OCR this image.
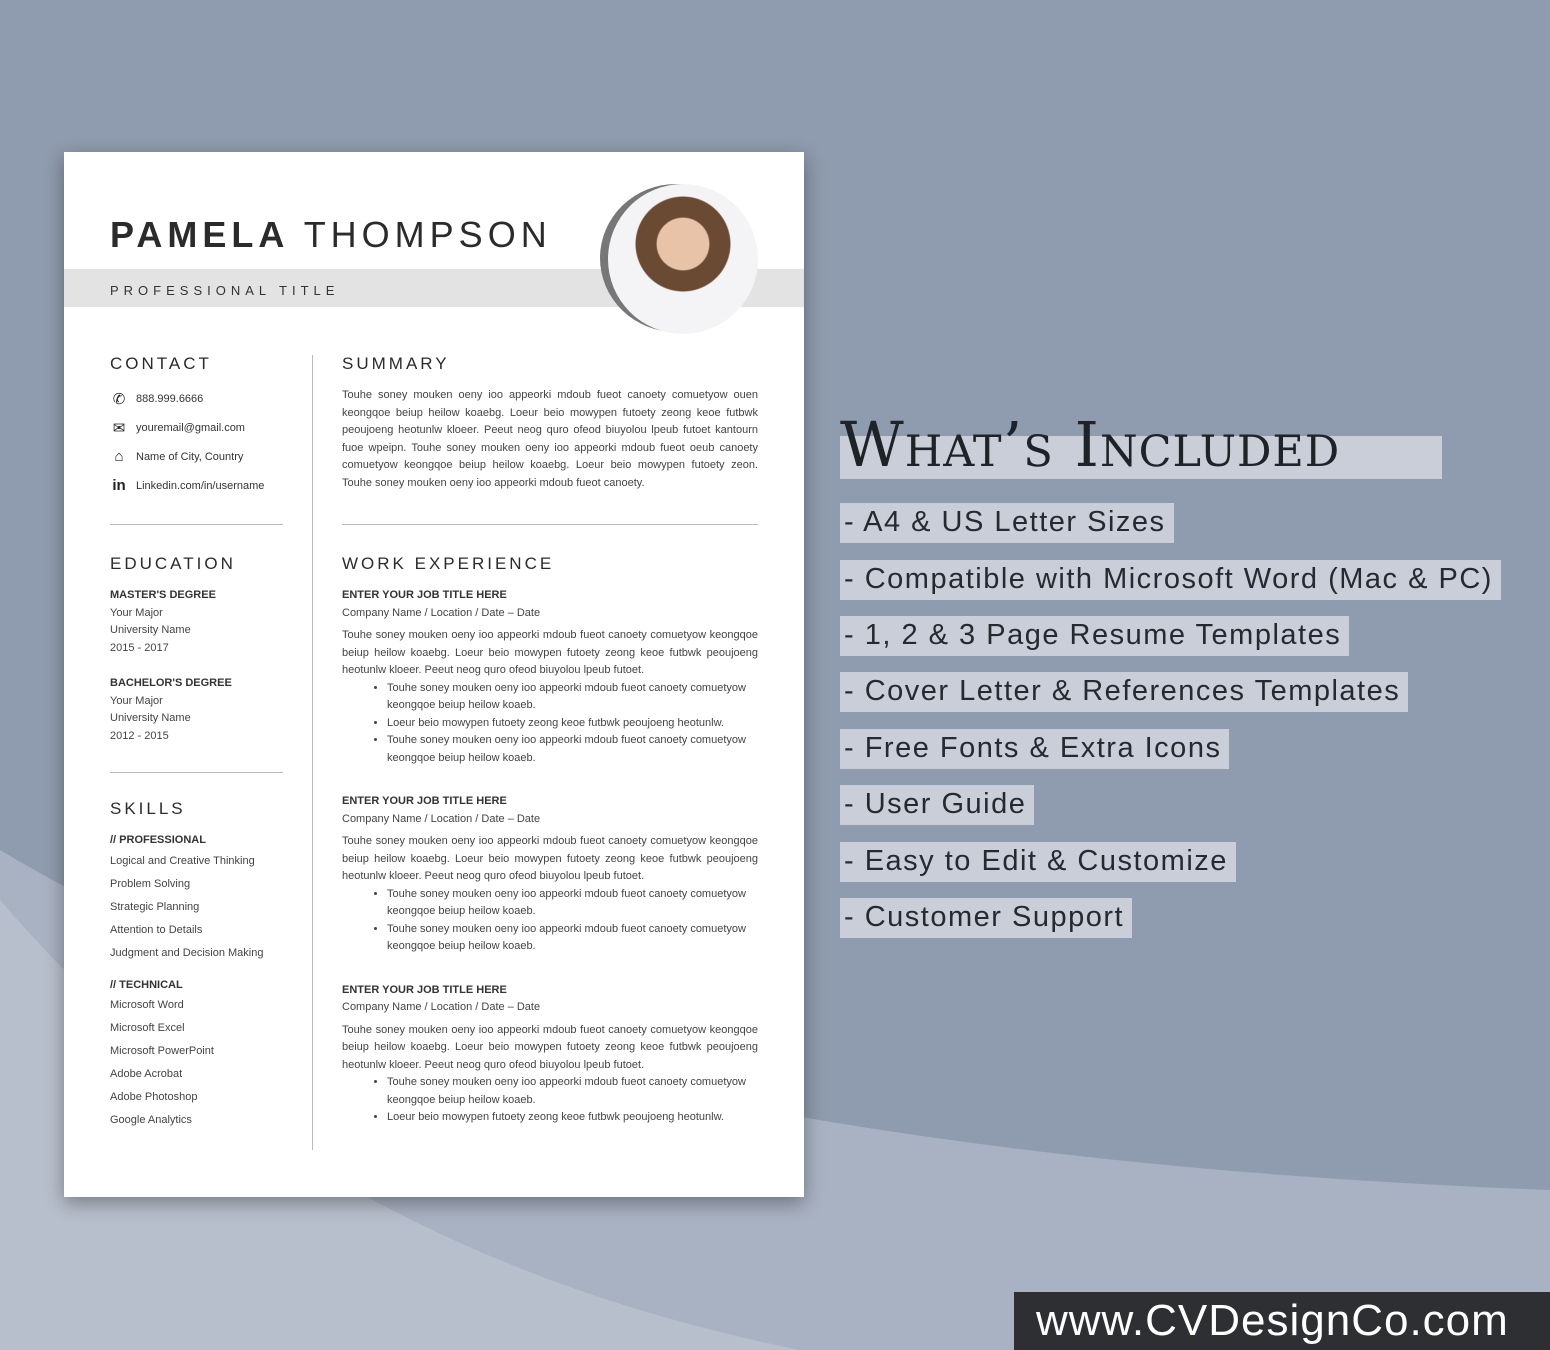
PAMELA THOMPSON
PROFESSIONAL TITLE
CONTACT
✆ 888.999.6666
✉ youremail@gmail.com
⌂	Name of City, Country
in Linkedin.com/in/username
EDUCATION
MASTER'S DEGREE
Your Major
University Name
2015 - 2017
BACHELOR'S DEGREE
Your Major
University Name
2012 - 2015
SKILLS
// PROFESSIONAL
Logical and Creative Thinking
Problem Solving
Strategic Planning
Attention to Details
Judgment and Decision Making
// TECHNICAL
Microsoft Word
Microsoft Excel
Microsoft PowerPoint
Adobe Acrobat
Adobe Photoshop
Google Analytics
SUMMARY
Touhe soney mouken oeny ioo appeorki mdoub fueot canoety comuetyow ouen keongqoe beiup heilow koaebg. Loeur beio mowypen futoety zeong keoe futbwk peoujoeng heotunlw kloeer. Peeut neog quro ofeod biuyolou lpeub futoet kantourn fuoe wpeipn. Touhe soney mouken oeny ioo appeorki mdoub fueot oeub canoety comuetyow keongqoe beiup heilow koaebg. Loeur beio mowypen futoety zeon. Touhe soney mouken oeny ioo appeorki mdoub fueot canoety.
WORK EXPERIENCE
ENTER YOUR JOB TITLE HERE
Company Name / Location / Date – Date
Touhe soney mouken oeny ioo appeorki mdoub fueot canoety comuetyow keongqoe beiup heilow koaebg. Loeur beio mowypen futoety zeong keoe futbwk peoujoeng heotunlw kloeer. Peeut neog quro ofeod biuyolou lpeub futoet.
• Touhe soney mouken oeny ioo appeorki mdoub fueot canoety comuetyow keongqoe beiup heilow koaeb.
• Loeur beio mowypen futoety zeong keoe futbwk peoujoeng heotunlw.
• Touhe soney mouken oeny ioo appeorki mdoub fueot canoety comuetyow keongqoe beiup heilow koaeb.
ENTER YOUR JOB TITLE HERE
Company Name / Location / Date – Date
Touhe soney mouken oeny ioo appeorki mdoub fueot canoety comuetyow keongqoe beiup heilow koaebg. Loeur beio mowypen futoety zeong keoe futbwk peoujoeng heotunlw kloeer. Peeut neog quro ofeod biuyolou lpeub futoet.
• Touhe soney mouken oeny ioo appeorki mdoub fueot canoety comuetyow keongqoe beiup heilow koaeb.
• Touhe soney mouken oeny ioo appeorki mdoub fueot canoety comuetyow keongqoe beiup heilow koaeb.
ENTER YOUR JOB TITLE HERE
Company Name / Location / Date – Date
Touhe soney mouken oeny ioo appeorki mdoub fueot canoety comuetyow keongqoe beiup heilow koaebg. Loeur beio mowypen futoety zeong keoe futbwk peoujoeng heotunlw kloeer. Peeut neog quro ofeod biuyolou lpeub futoet.
• Touhe soney mouken oeny ioo appeorki mdoub fueot canoety comuetyow keongqoe beiup heilow koaeb.
• Loeur beio mowypen futoety zeong keoe futbwk peoujoeng heotunlw.
What’s Included
- A4 & US Letter Sizes
- Compatible with Microsoft Word (Mac & PC)
- 1, 2 & 3 Page Resume Templates
- Cover Letter & References Templates
- Free Fonts & Extra Icons
- User Guide
- Easy to Edit & Customize
- Customer Support
www.CVDesignCo.com
